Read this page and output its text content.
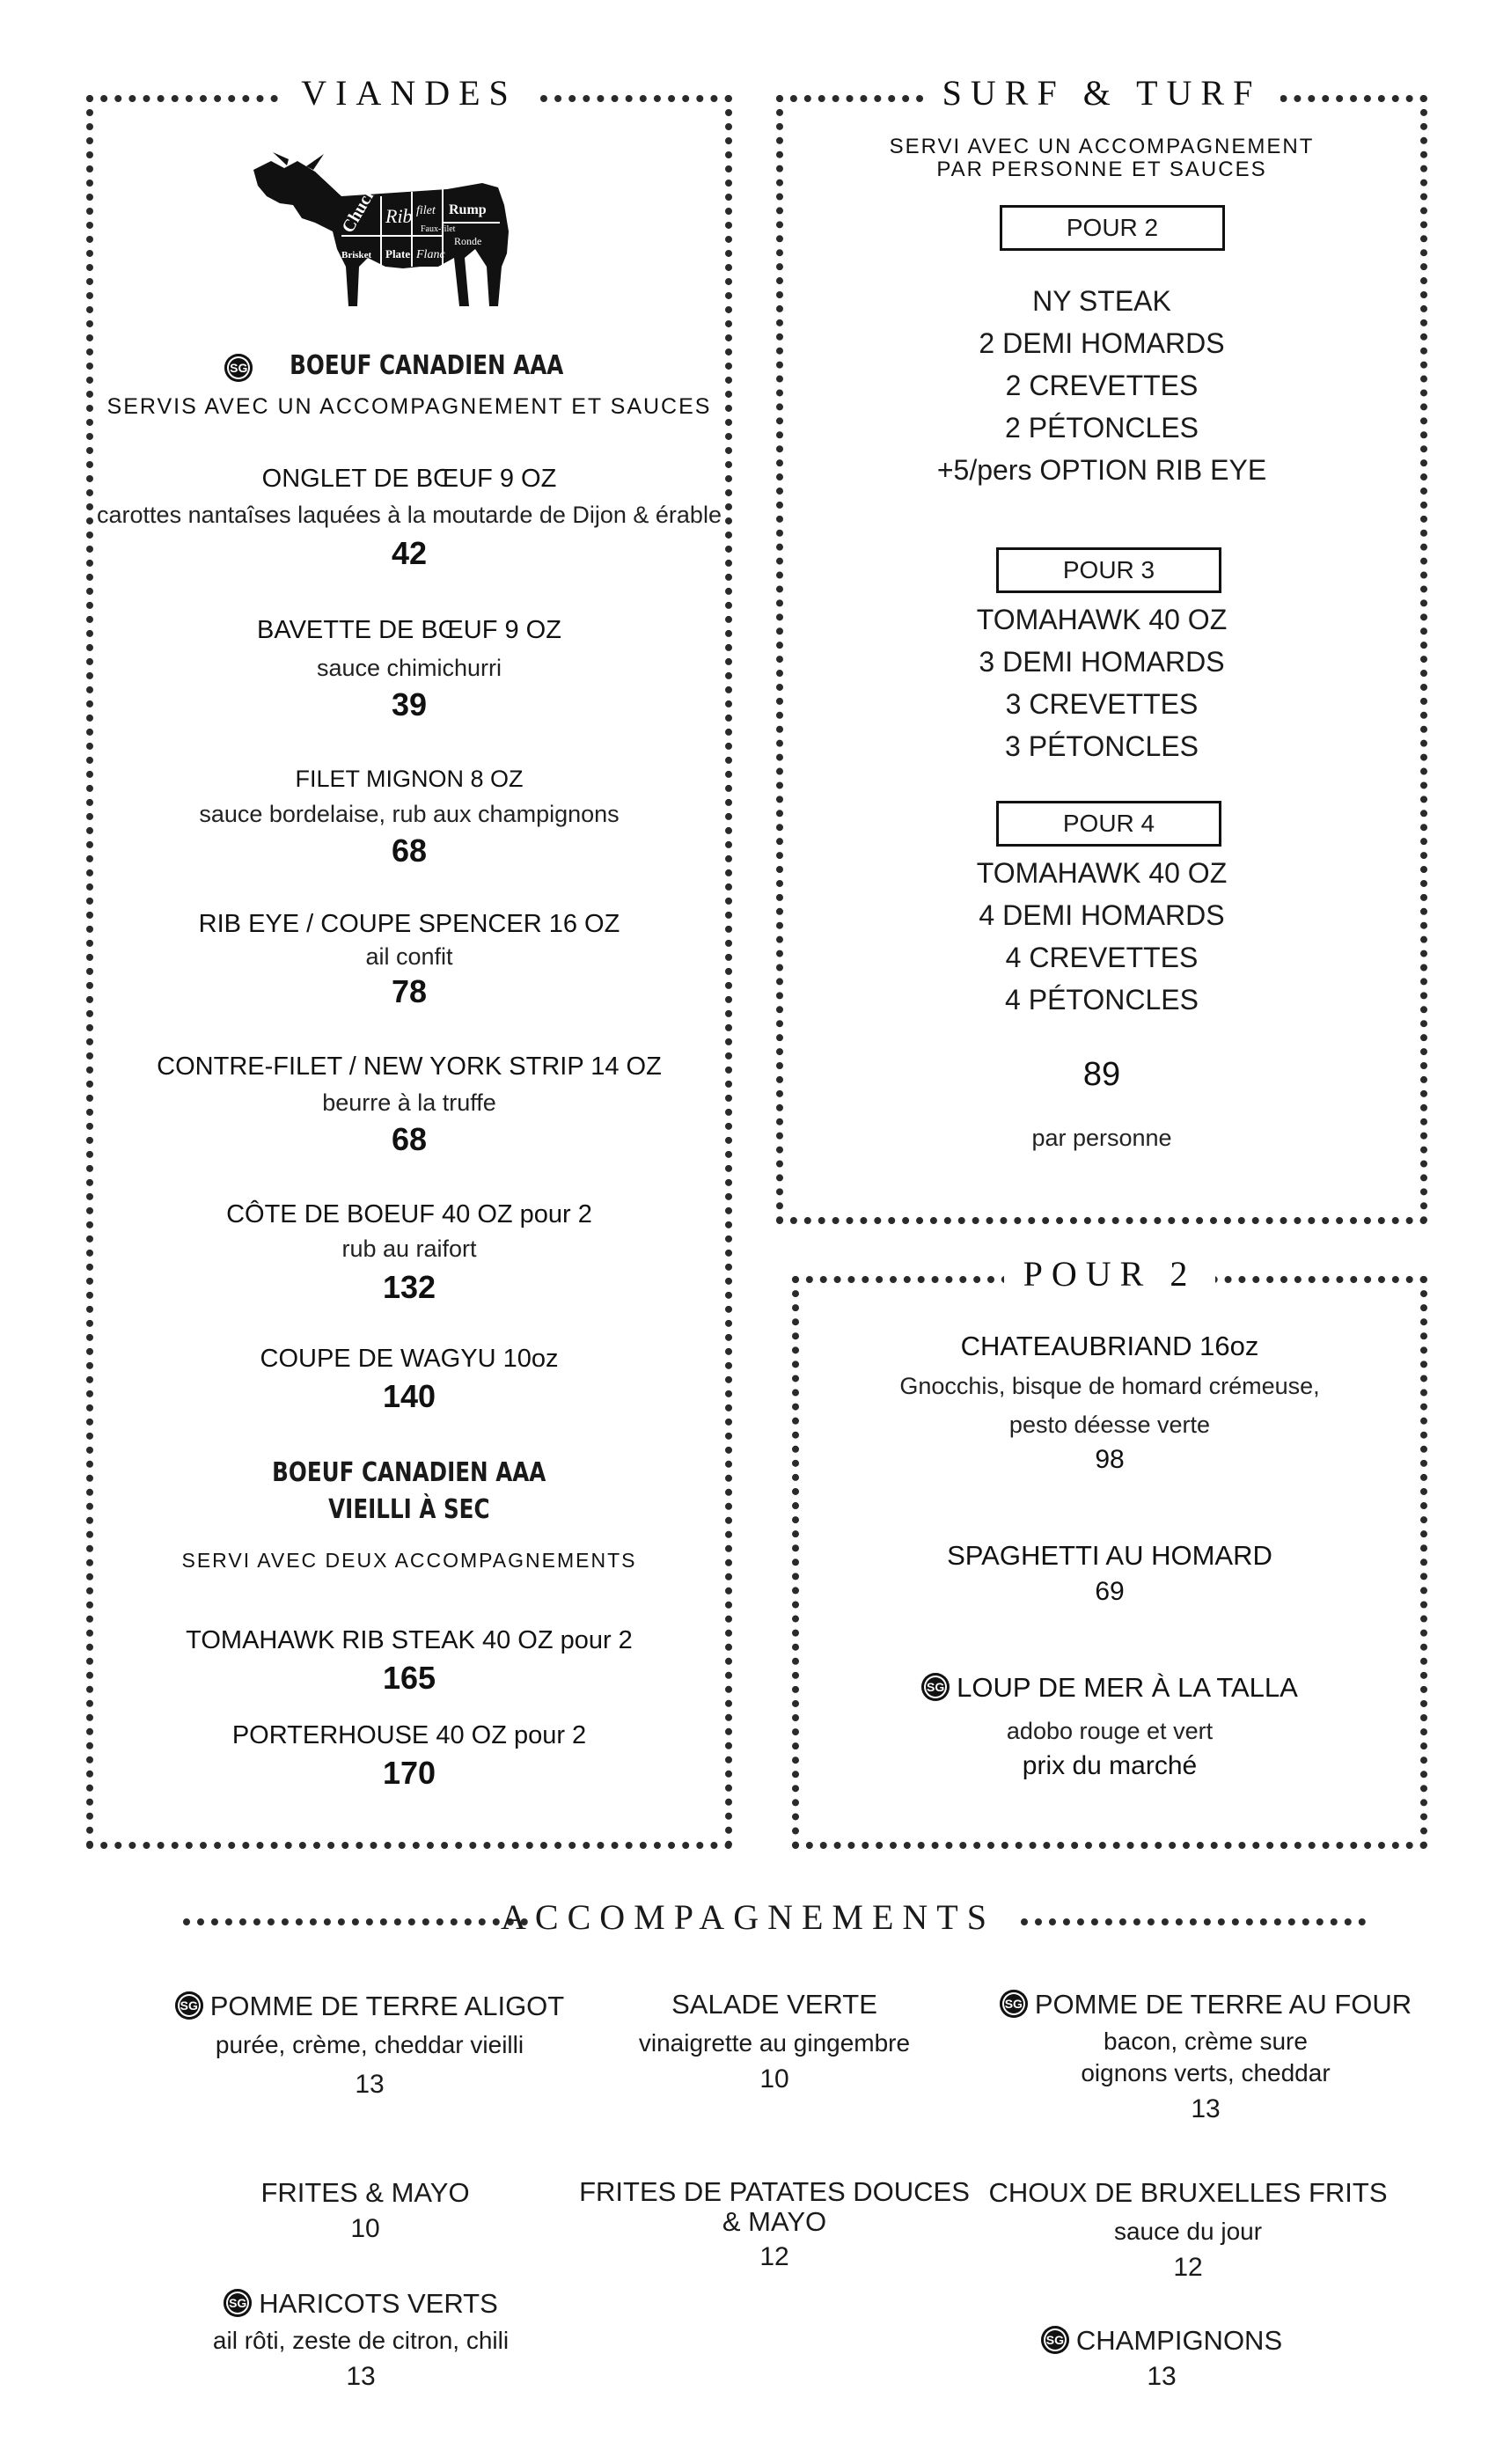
VIANDES
Chuck Rib filet
Faux-filet
Rump
Ronde
Brisket Plate Flanc
SG BOEUF CANADIEN AAA
SERVIS AVEC UN ACCOMPAGNEMENT ET SAUCES
ONGLET DE BŒUF 9 OZ
carottes nantaîses laquées à la moutarde de Dijon & érable
42
BAVETTE DE BŒUF 9 OZ
sauce chimichurri
39
FILET MIGNON 8 OZ
sauce bordelaise, rub aux champignons
68
RIB EYE / COUPE SPENCER 16 OZ
ail confit
78
CONTRE-FILET / NEW YORK STRIP 14 OZ
beurre à la truffe
68
CÔTE DE BOEUF 40 OZ pour 2
rub au raifort
132
COUPE DE WAGYU 10oz
140
BOEUF CANADIEN AAA
VIEILLI À SEC
SERVI AVEC DEUX ACCOMPAGNEMENTS
TOMAHAWK RIB STEAK 40 OZ pour 2
165
PORTERHOUSE 40 OZ pour 2
170
SURF & TURF
SERVI AVEC UN ACCOMPAGNEMENT
PAR PERSONNE ET SAUCES
POUR 2
NY STEAK
2 DEMI HOMARDS
2 CREVETTES
2 PÉTONCLES
+5/pers OPTION RIB EYE
POUR 3
TOMAHAWK 40 OZ
3 DEMI HOMARDS
3 CREVETTES
3 PÉTONCLES
POUR 4
TOMAHAWK 40 OZ
4 DEMI HOMARDS
4 CREVETTES
4 PÉTONCLES
89
par personne
POUR 2
CHATEAUBRIAND 16oz
Gnocchis, bisque de homard crémeuse,
pesto déesse verte
98
SPAGHETTI AU HOMARD
69
SG LOUP DE MER À LA TALLA
adobo rouge et vert
prix du marché
ACCOMPAGNEMENTS
SG POMME DE TERRE ALIGOT
purée, crème, cheddar vieilli
13
SALADE VERTE
vinaigrette au gingembre
10
SG POMME DE TERRE AU FOUR
bacon, crème sure
oignons verts, cheddar
13
FRITES & MAYO
10
FRITES DE PATATES DOUCES
& MAYO
12
CHOUX DE BRUXELLES FRITS
sauce du jour
12
SG HARICOTS VERTS
ail rôti, zeste de citron, chili
13
SG CHAMPIGNONS
13
